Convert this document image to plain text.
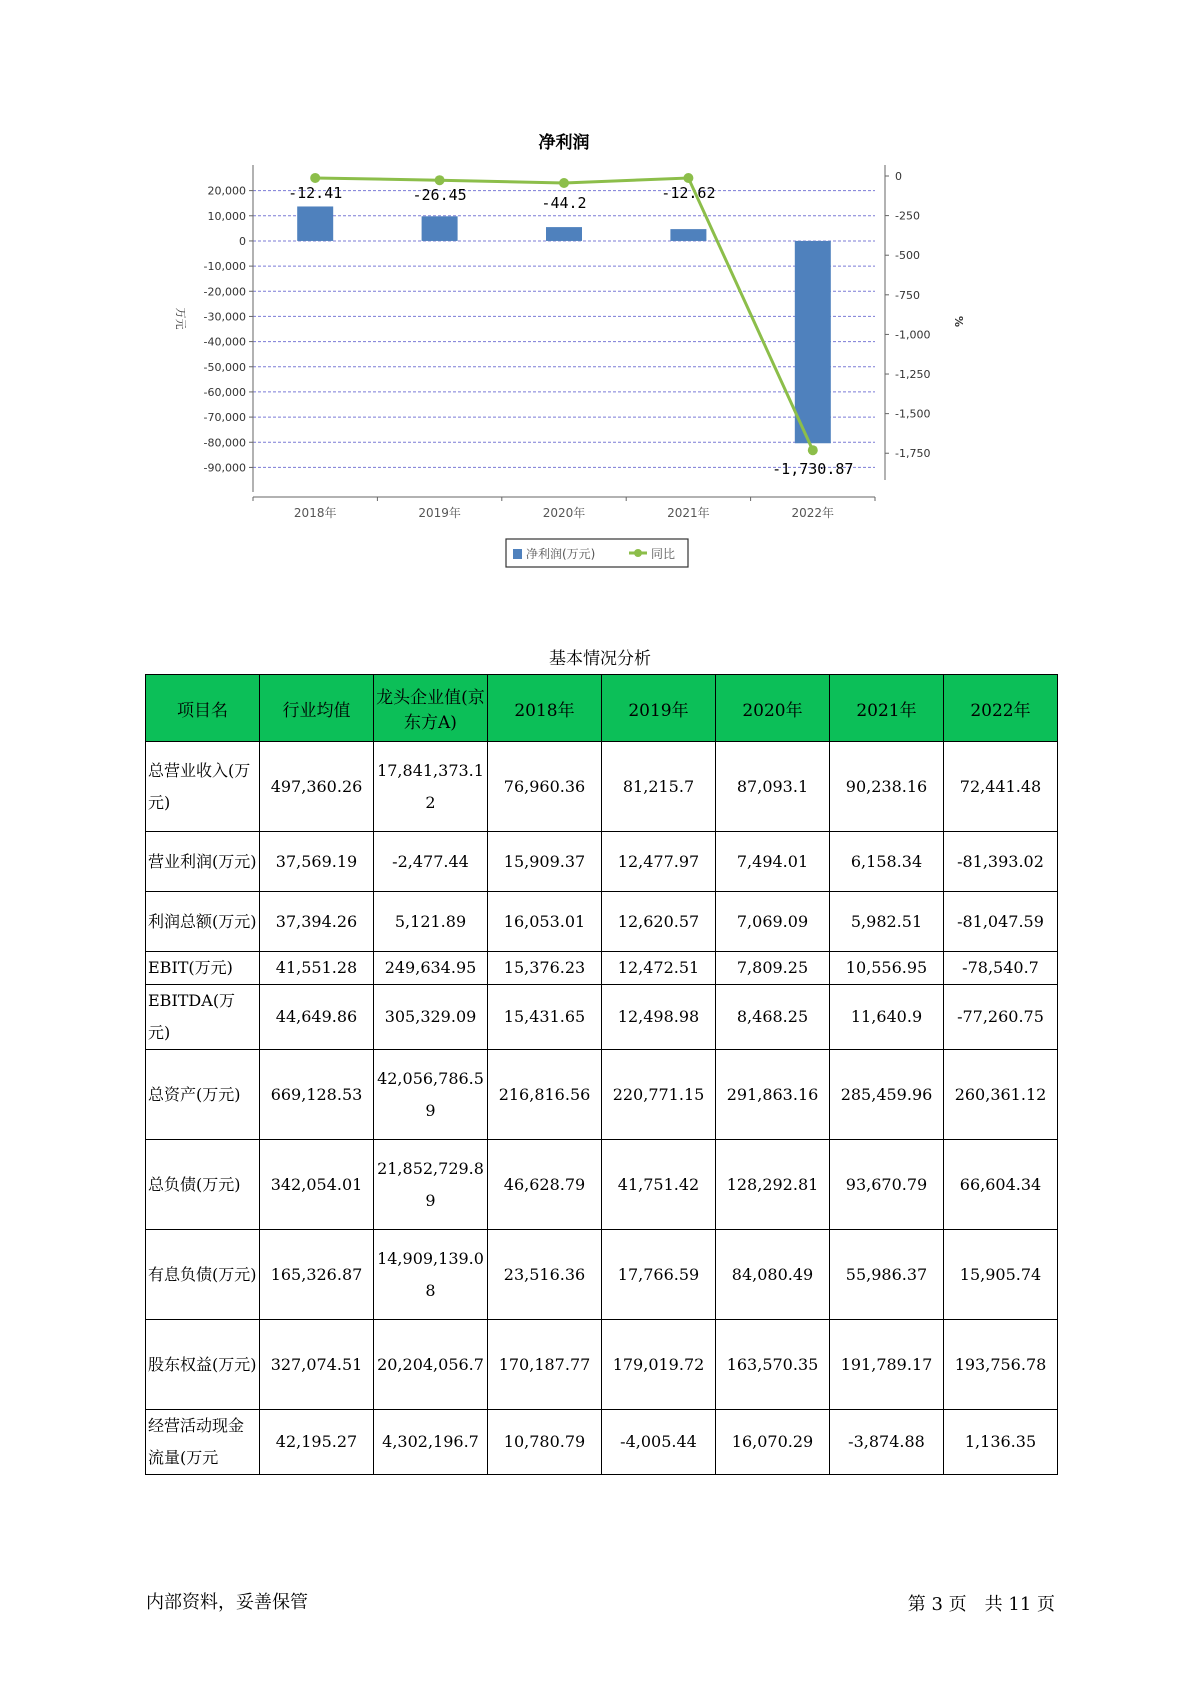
净利润
20,000
10,000
0
-10,000
-20,000
-30,000
-40,000
-50,000
-60,000
-70,000
-80,000
-90,000
万元
0
-250
-500
-750
-1,000
-1,250
-1,500
-1,750
%
2018年	2019年	2020年	2021年	2022年
-12.41	-26.45	-44.2
-12.62
-1,730.87
净利润(万元)	同比
基本情况分析
项目名	行业均值	龙头企业值(京东方A)	2018年	2019年	2020年	2021年	2022年
总营业收入(万元)	497,360.26	17,841,373.12	76,960.36	81,215.7	87,093.1	90,238.16	72,441.48
营业利润(万元)	37,569.19	-2,477.44	15,909.37	12,477.97	7,494.01	6,158.34	-81,393.02
利润总额(万元)	37,394.26	5,121.89	16,053.01	12,620.57	7,069.09	5,982.51	-81,047.59
EBIT(万元)	41,551.28	249,634.95	15,376.23	12,472.51	7,809.25	10,556.95	-78,540.7
EBITDA(万元)	44,649.86	305,329.09	15,431.65	12,498.98	8,468.25	11,640.9	-77,260.75
总资产(万元)	669,128.53	42,056,786.59	216,816.56	220,771.15	291,863.16	285,459.96	260,361.12
总负债(万元)	342,054.01	21,852,729.89	46,628.79	41,751.42	128,292.81	93,670.79	66,604.34
有息负债(万元)	165,326.87	14,909,139.08	23,516.36	17,766.59	84,080.49	55,986.37	15,905.74
股东权益(万元)	327,074.51	20,204,056.7	170,187.77	179,019.72	163,570.35	191,789.17	193,756.78
经营活动现金流量(万元	42,195.27	4,302,196.7	10,780.79	-4,005.44	16,070.29	-3,874.88	1,136.35
内部资料，妥善保管	第 3 页　共 11 页
